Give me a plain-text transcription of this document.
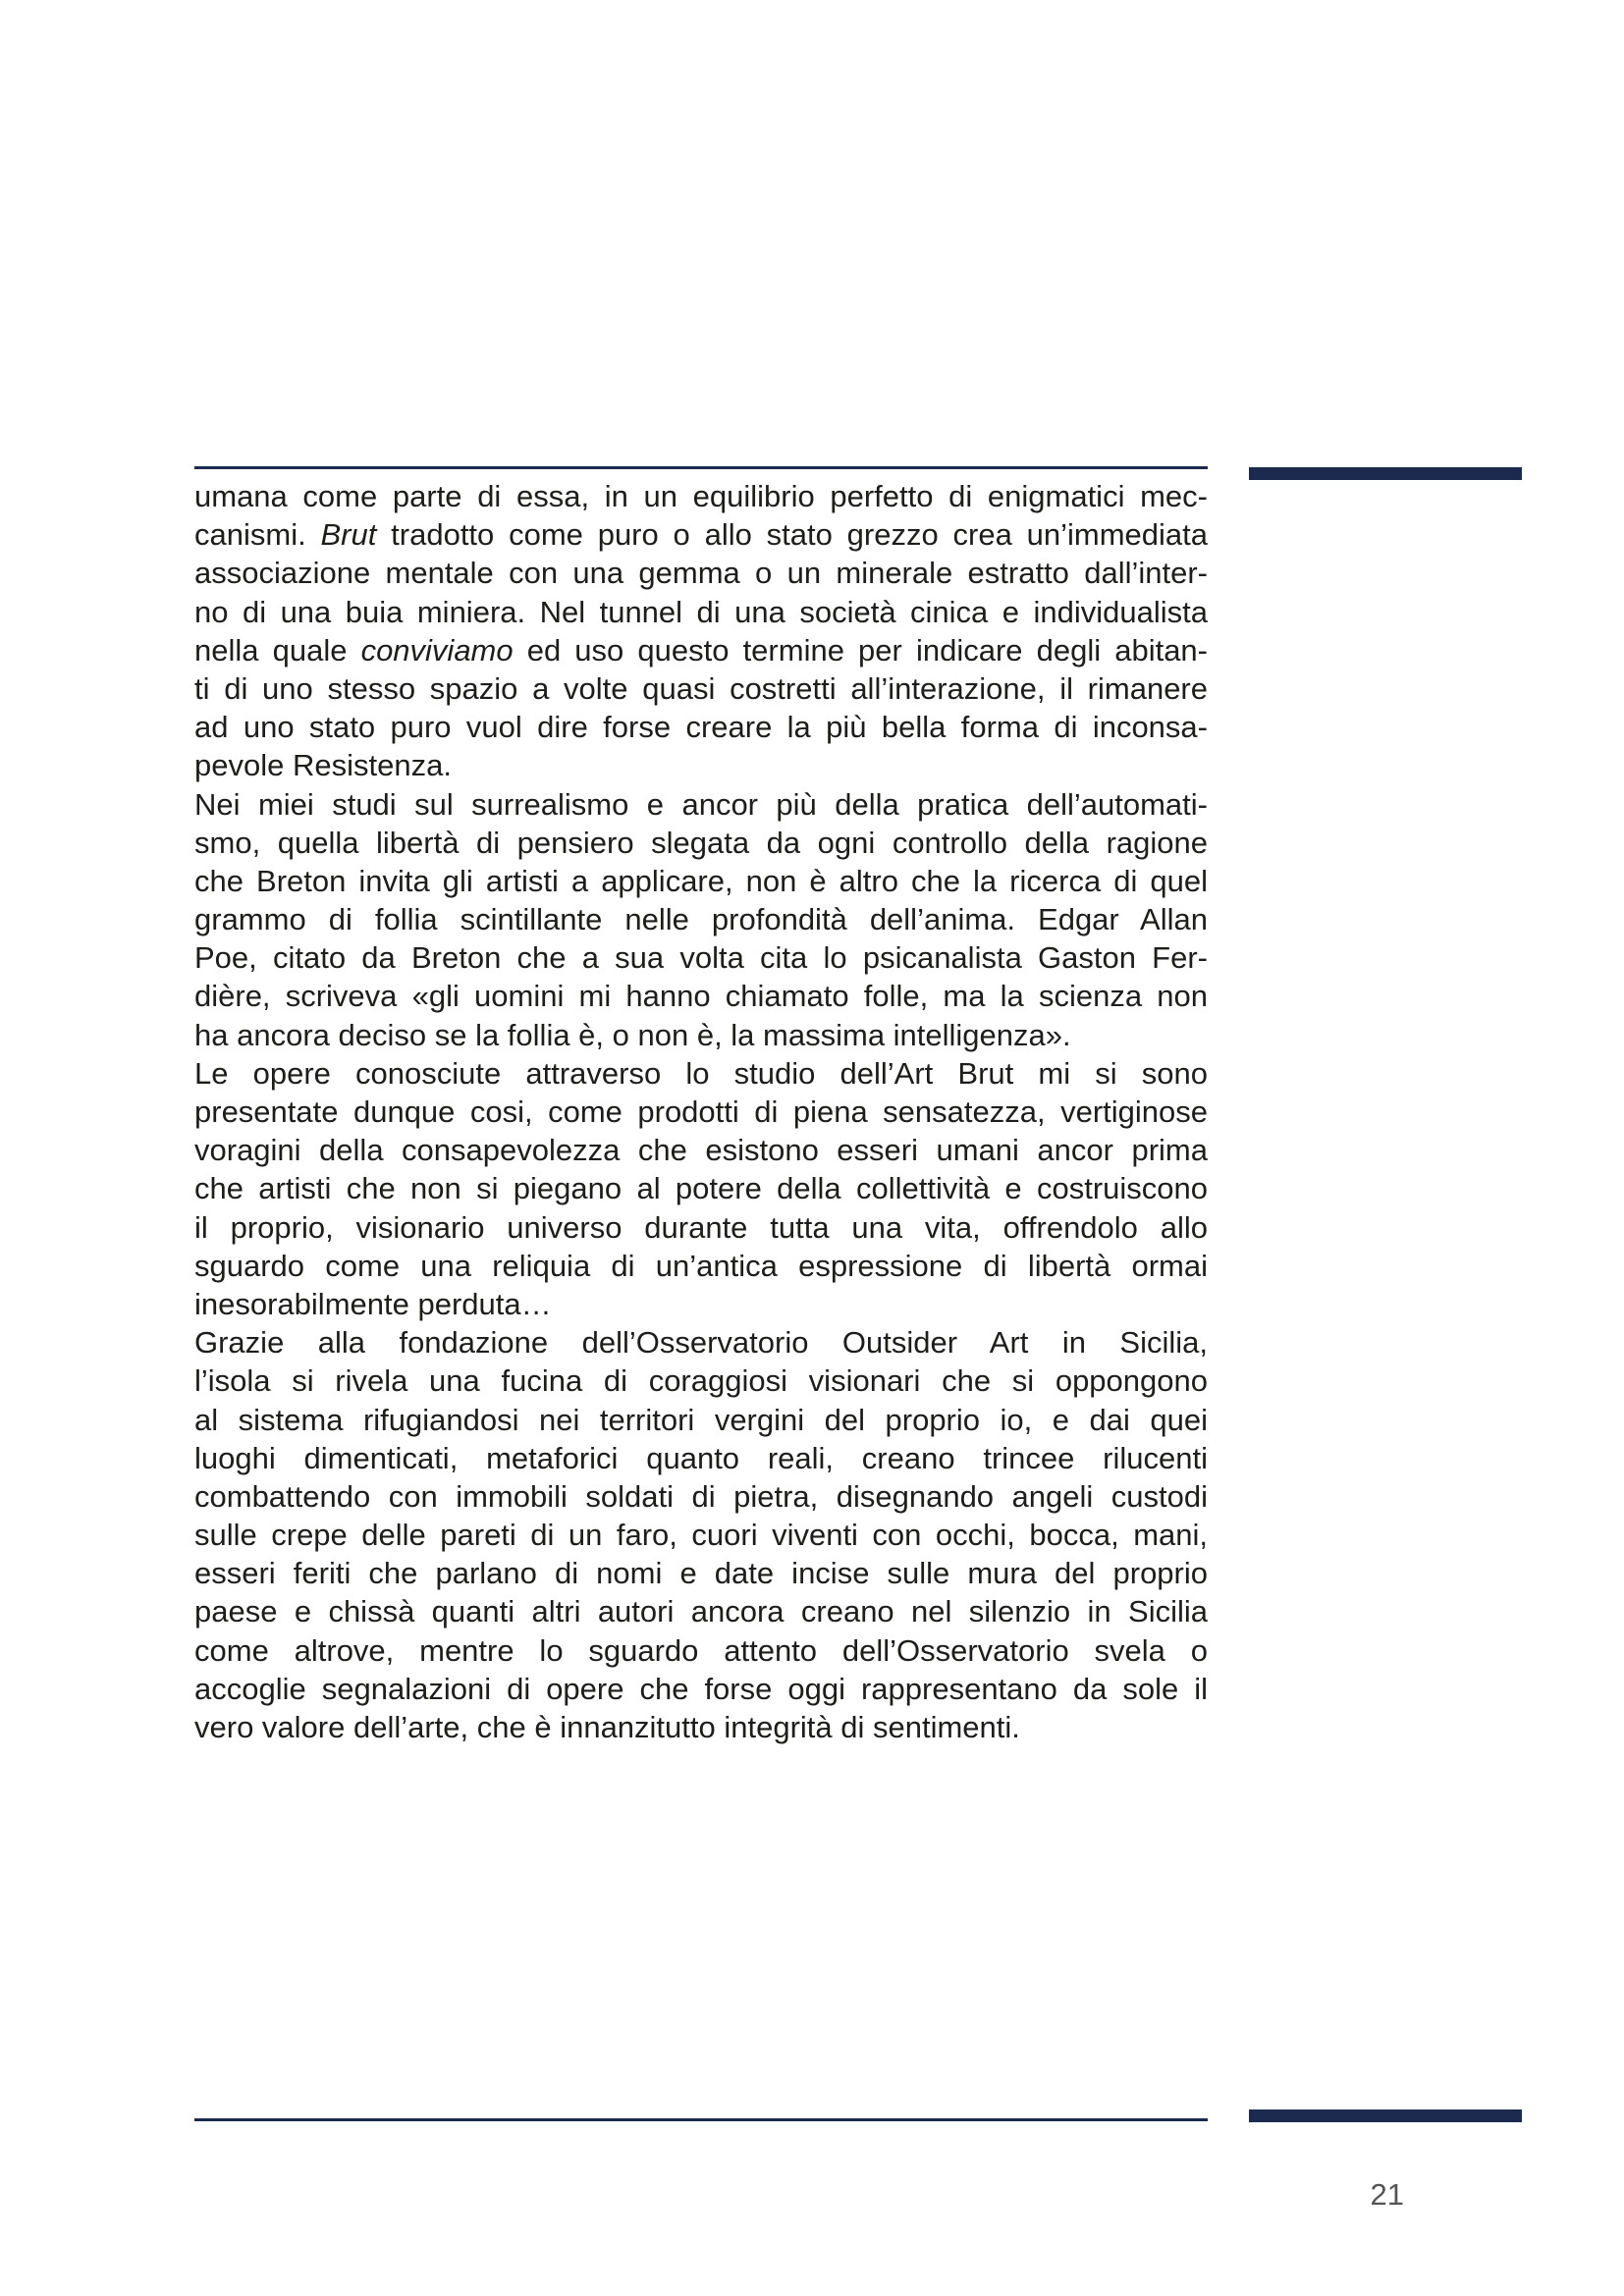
umana come parte di essa, in un equilibrio perfetto di enigmatici mec-
canismi. Brut tradotto come puro o allo stato grezzo crea un’immediata
associazione mentale con una gemma o un minerale estratto dall’inter-
no di una buia miniera. Nel tunnel di una società cinica e individualista
nella quale conviviamo ed uso questo termine per indicare degli abitan-
ti di uno stesso spazio a volte quasi costretti all’interazione, il rimanere
ad uno stato puro vuol dire forse creare la più bella forma di inconsa-
pevole Resistenza.
Nei miei studi sul surrealismo e ancor più della pratica dell’automati-
smo, quella libertà di pensiero slegata da ogni controllo della ragione
che Breton invita gli artisti a applicare, non è altro che la ricerca di quel
grammo di follia scintillante nelle profondità dell’anima. Edgar Allan
Poe, citato da Breton che a sua volta cita lo psicanalista Gaston Fer-
dière, scriveva «gli uomini mi hanno chiamato folle, ma la scienza non
ha ancora deciso se la follia è, o non è, la massima intelligenza».
Le opere conosciute attraverso lo studio dell’Art Brut mi si sono
presentate dunque cosi, come prodotti di piena sensatezza, vertiginose
voragini della consapevolezza che esistono esseri umani ancor prima
che artisti che non si piegano al potere della collettività e costruiscono
il proprio, visionario universo durante tutta una vita, offrendolo allo
sguardo come una reliquia di un’antica espressione di libertà ormai
inesorabilmente perduta…
Grazie alla fondazione dell’Osservatorio Outsider Art in Sicilia,
l’isola si rivela una fucina di coraggiosi visionari che si oppongono
al sistema rifugiandosi nei territori vergini del proprio io, e dai quei
luoghi dimenticati, metaforici quanto reali, creano trincee rilucenti
combattendo con immobili soldati di pietra, disegnando angeli custodi
sulle crepe delle pareti di un faro, cuori viventi con occhi, bocca, mani,
esseri feriti che parlano di nomi e date incise sulle mura del proprio
paese e chissà quanti altri autori ancora creano nel silenzio in Sicilia
come altrove, mentre lo sguardo attento dell’Osservatorio svela o
accoglie segnalazioni di opere che forse oggi rappresentano da sole il
vero valore dell’arte, che è innanzitutto integrità di sentimenti.
21
